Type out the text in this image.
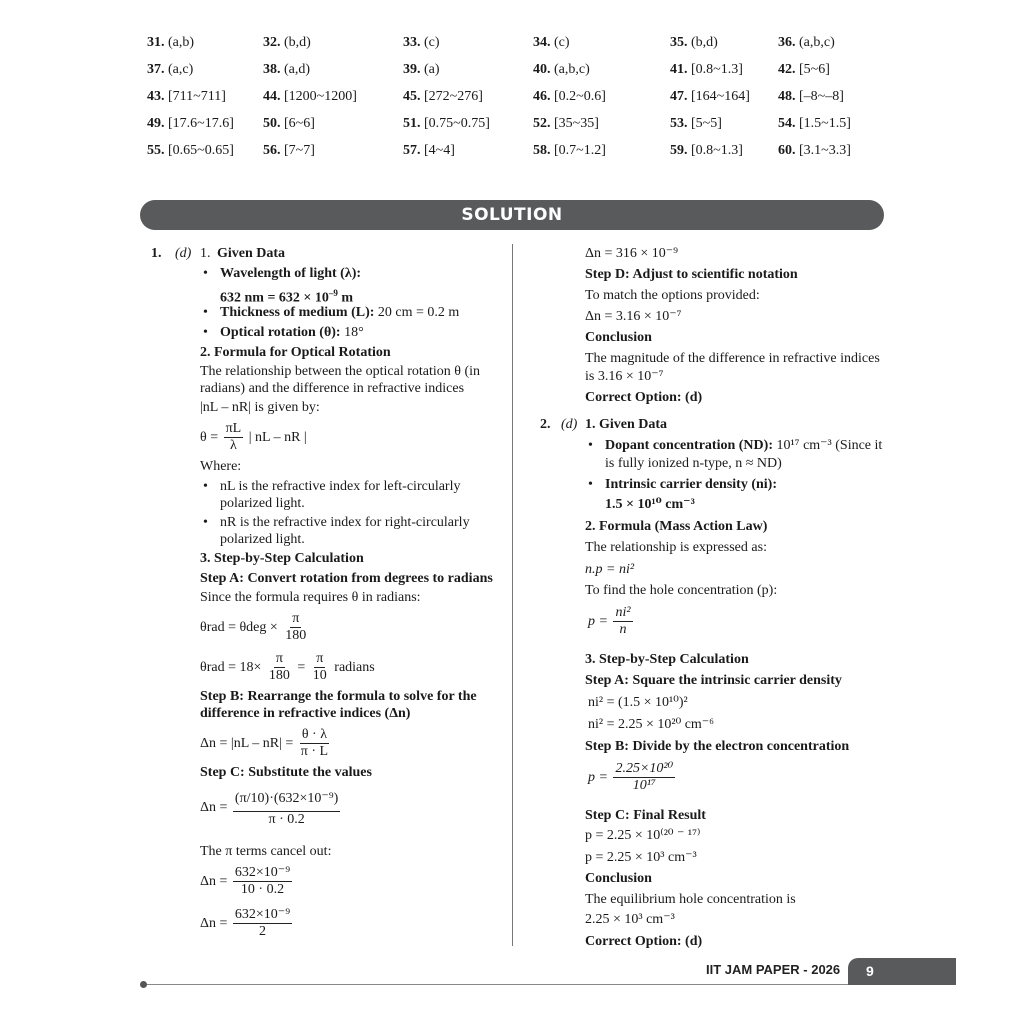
31. (a,b)	32. (b,d)	33. (c)	34. (c)	35. (b,d)	36. (a,b,c)
37. (a,c)	38. (a,d)	39. (a)	40. (a,b,c)	41. [0.8~1.3]	42. [5~6]
43. [711~711]	44. [1200~1200]	45. [272~276]	46. [0.2~0.6]	47. [164~164] 48. [–8~–8]
49. [17.6~17.6] 50. [6~6]	51. [0.75~0.75]	52. [35~35]	53. [5~5]	54. [1.5~1.5]
55. [0.65~0.65] 56. [7~7]	57. [4~4]	58. [0.7~1.2]	59. [0.8~1.3]	60. [3.1~3.3]
SOLUTION
1. (d) 1. Given Data
• Wavelength of light (λ):
632 nm = $632 \times 10^{-9}$ m
• Thickness of medium (L): 20 cm = 0.2 m
• Optical rotation (θ): 18°
2. Formula for Optical Rotation
The relationship between the optical rotation θ (in
radians) and the difference in refractive indices
|nL – nR| is given by:
$\theta = \frac{\pi L}{\lambda}$ | nL – nR |
Where:
• nL is the refractive index for left-circularly
polarized light.
• nR is the refractive index for right-circularly
polarized light.
3. Step-by-Step Calculation
Step A: Convert rotation from degrees to radians
Since the formula requires θ in radians:
$\theta rad = \theta deg \times \frac{\pi}{180}$
$\theta rad = 18\times \frac{\pi}{180} = \frac{\pi}{10}$ radians
Step B: Rearrange the formula to solve for the
difference in refractive indices (Δn)
$\Delta n = |nL - nR| = \frac{\theta \cdot \lambda}{\pi \cdot L}$
Step C: Substitute the values
$\Delta n = \frac{\text{(π/10)·(632×10⁻⁹)}}{\pi \cdot 0.2}$
The π terms cancel out:
$\Delta n = \frac{\text{632×10⁻⁹}}{10 \cdot 0.2}$
$\Delta n = \frac{\text{632×10⁻⁹}}{2}$
Δn = 316 × 10⁻⁹
Step D: Adjust to scientific notation
To match the options provided:
Δn = 3.16 × 10⁻⁷
Conclusion
The magnitude of the difference in refractive indices
is 3.16 × 10⁻⁷
Correct Option: (d)
2. (d) 1. Given Data
• Dopant concentration (ND): 10¹⁷ cm⁻³ (Since it
is fully ionized n-type, n ≈ ND)
• Intrinsic carrier density (ni):
1.5 × 10¹⁰ cm⁻³
2. Formula (Mass Action Law)
The relationship is expressed as:
n.p = ni²
To find the hole concentration (p):
$p = \frac{\text{ni²}}{n}$
3. Step-by-Step Calculation
Step A: Square the intrinsic carrier density
ni² = (1.5 × 10¹⁰)²
ni² = 2.25 × 10²⁰ cm⁻⁶
Step B: Divide by the electron concentration
$p = \frac{\text{2.25×10²⁰}}{\text{10¹⁷}}$
Step C: Final Result
p = 2.25 × 10⁽²⁰ ⁻ ¹⁷⁾
p = 2.25 × 10³ cm⁻³
Conclusion
The equilibrium hole concentration is
2.25 × 10³ cm⁻³
Correct Option: (d)
IIT JAM PAPER - 2026	9
